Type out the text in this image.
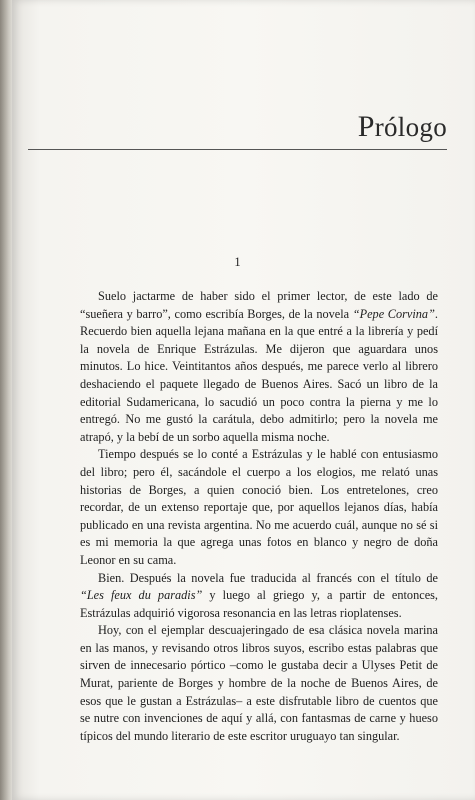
Prólogo
1

Suelo jactarme de haber sido el primer lector, de este lado de “sueñera y barro”, como escribía Borges, de la novela “Pepe Corvina”. Recuerdo bien aquella lejana mañana en la que entré a la librería y pedí la novela de Enrique Estrázulas. Me dijeron que aguardara unos minutos. Lo hice. Veintitantos años después, me parece verlo al librero deshaciendo el paquete llegado de Buenos Aires. Sacó un libro de la editorial Sudamericana, lo sacudió un poco contra la pierna y me lo entregó. No me gustó la carátula, debo admitirlo; pero la novela me atrapó, y la bebí de un sorbo aquella misma noche.

Tiempo después se lo conté a Estrázulas y le hablé con entusiasmo del libro; pero él, sacándole el cuerpo a los elogios, me relató unas historias de Borges, a quien conoció bien. Los entretelones, creo recordar, de un extenso reportaje que, por aquellos lejanos días, había publicado en una revista argentina. No me acuerdo cuál, aunque no sé si es mi memoria la que agrega unas fotos en blanco y negro de doña Leonor en su cama.

Bien. Después la novela fue traducida al francés con el título de “Les feux du paradis” y luego al griego y, a partir de entonces, Estrázulas adquirió vigorosa resonancia en las letras rioplatenses.

Hoy, con el ejemplar descuajeringado de esa clásica novela marina en las manos, y revisando otros libros suyos, escribo estas palabras que sirven de innecesario pórtico –como le gustaba decir a Ulyses Petit de Murat, pariente de Borges y hombre de la noche de Buenos Aires, de esos que le gustan a Estrázulas– a este disfrutable libro de cuentos que se nutre con invenciones de aquí y allá, con fantasmas de carne y hueso típicos del mundo literario de este escritor uruguayo tan singular.
